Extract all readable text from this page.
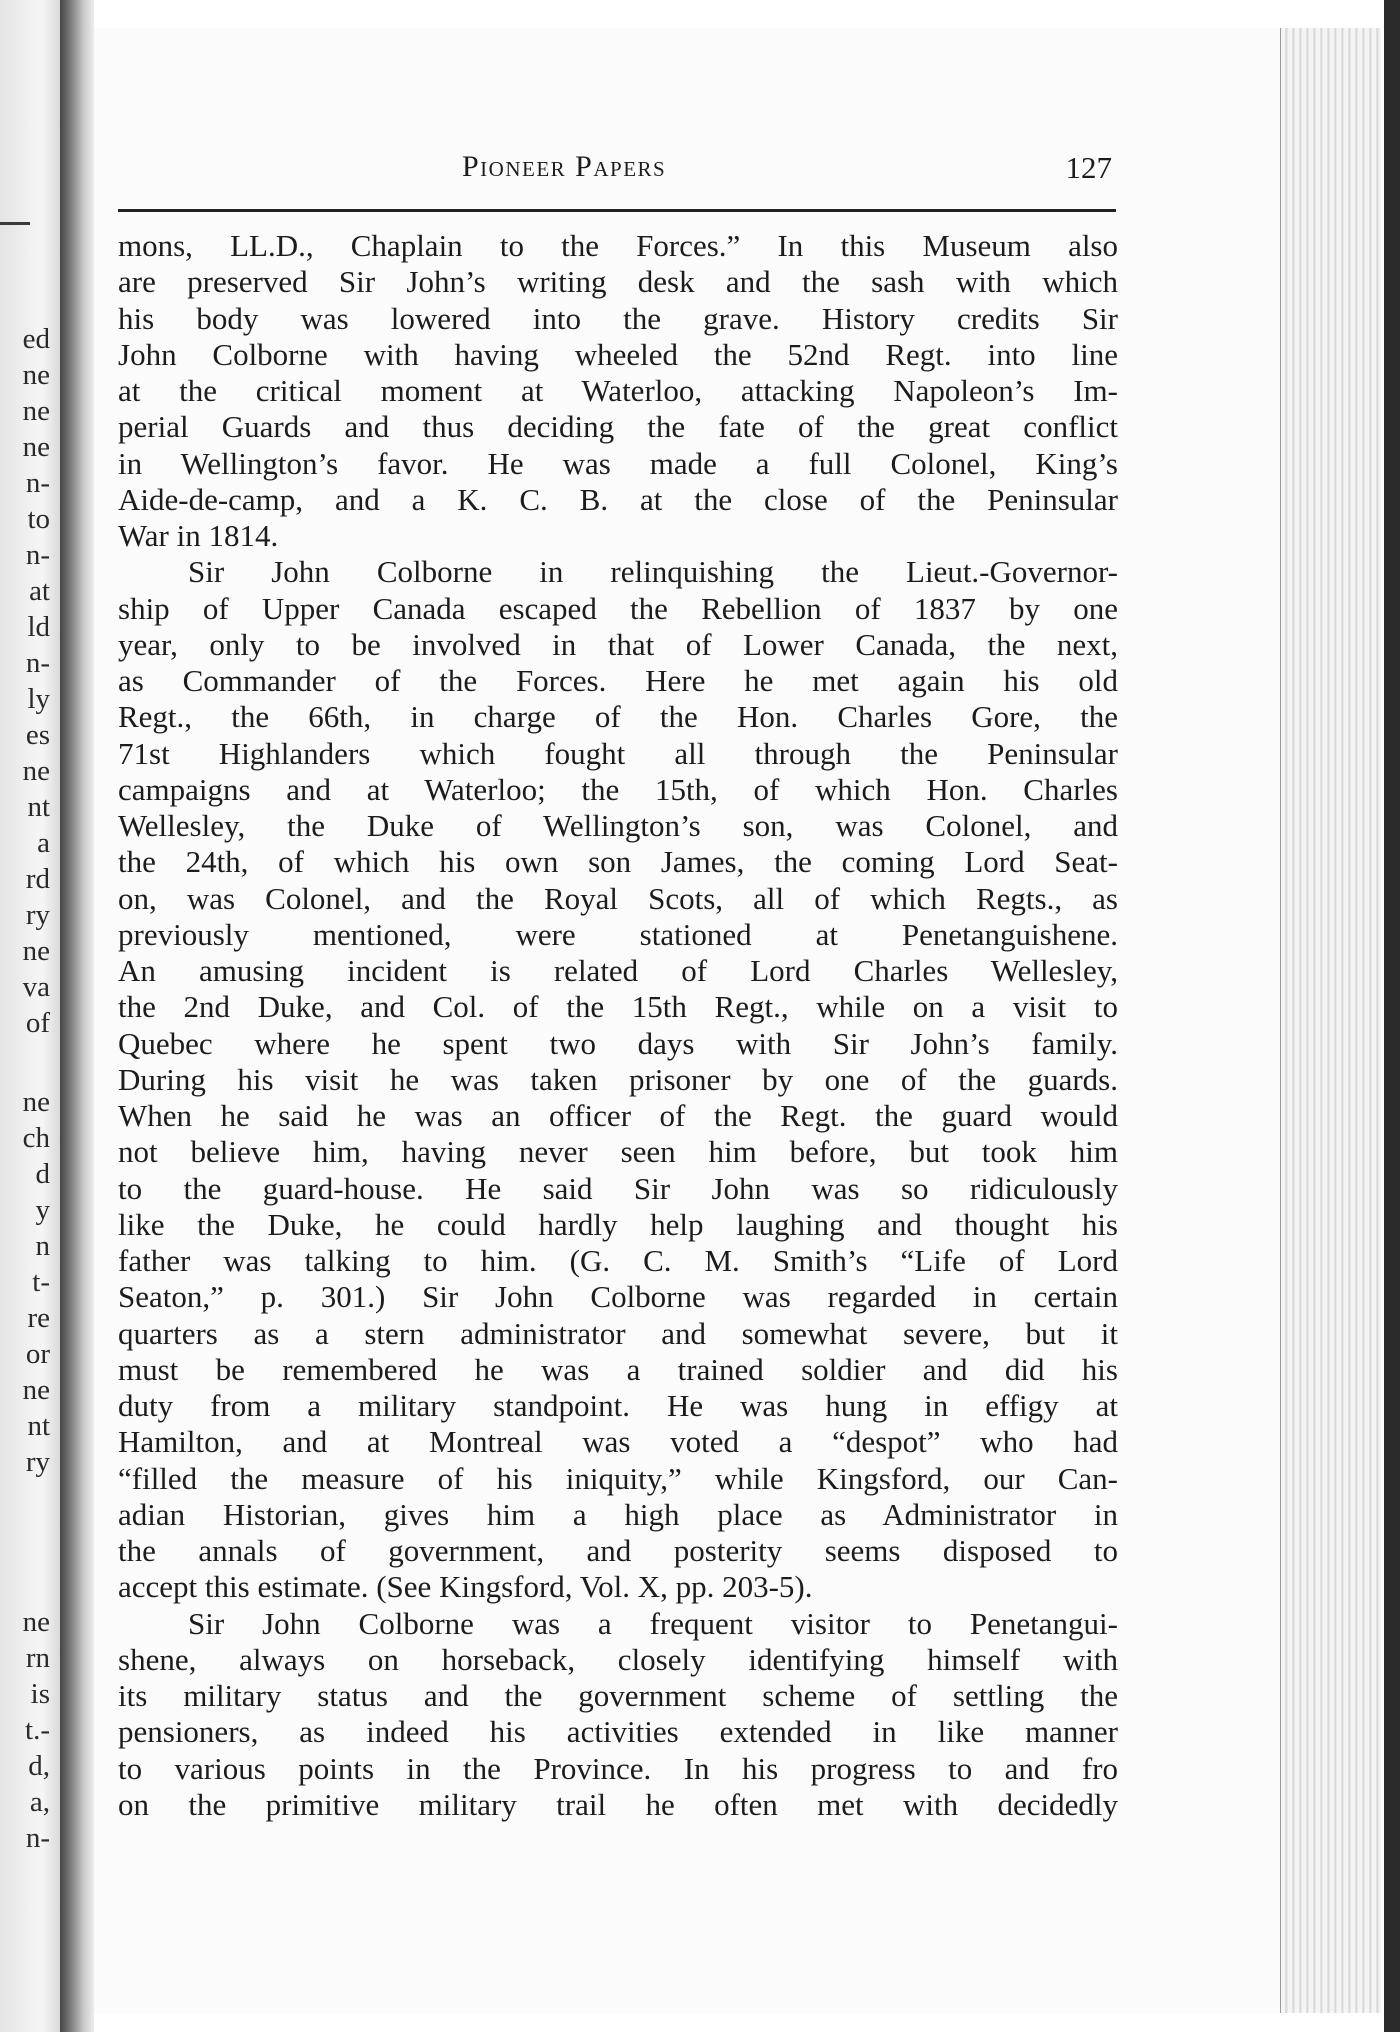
ed
ne
ne
ne
n-
to
n-
at
ld
n-
ly
es
ne
nt
a
rd
ry
ne
va
of
ne
ch
d
y
n
t-
re
or
ne
nt
ry
ne
rn
is
t.-
d,
a,
n-
Pioneer Papers	127
mons, LL.D., Chaplain to the Forces.” In this Museum also
are preserved Sir John’s writing desk and the sash with which
his body was lowered into the grave. History credits Sir
John Colborne with having wheeled the 52nd Regt. into line
at the critical moment at Waterloo, attacking Napoleon’s Im-
perial Guards and thus deciding the fate of the great conflict
in Wellington’s favor. He was made a full Colonel, King’s
Aide-de-camp, and a K. C. B. at the close of the Peninsular
War in 1814.
Sir John Colborne in relinquishing the Lieut.-Governor-
ship of Upper Canada escaped the Rebellion of 1837 by one
year, only to be involved in that of Lower Canada, the next,
as Commander of the Forces. Here he met again his old
Regt., the 66th, in charge of the Hon. Charles Gore, the
71st Highlanders which fought all through the Peninsular
campaigns and at Waterloo; the 15th, of which Hon. Charles
Wellesley, the Duke of Wellington’s son, was Colonel, and
the 24th, of which his own son James, the coming Lord Seat-
on, was Colonel, and the Royal Scots, all of which Regts., as
previously mentioned, were stationed at Penetanguishene.
An amusing incident is related of Lord Charles Wellesley,
the 2nd Duke, and Col. of the 15th Regt., while on a visit to
Quebec where he spent two days with Sir John’s family.
During his visit he was taken prisoner by one of the guards.
When he said he was an officer of the Regt. the guard would
not believe him, having never seen him before, but took him
to the guard-house. He said Sir John was so ridiculously
like the Duke, he could hardly help laughing and thought his
father was talking to him. (G. C. M. Smith’s “Life of Lord
Seaton,” p. 301.) Sir John Colborne was regarded in certain
quarters as a stern administrator and somewhat severe, but it
must be remembered he was a trained soldier and did his
duty from a military standpoint. He was hung in effigy at
Hamilton, and at Montreal was voted a “despot” who had
“filled the measure of his iniquity,” while Kingsford, our Can-
adian Historian, gives him a high place as Administrator in
the annals of government, and posterity seems disposed to
accept this estimate. (See Kingsford, Vol. X, pp. 203-5).
Sir John Colborne was a frequent visitor to Penetangui-
shene, always on horseback, closely identifying himself with
its military status and the government scheme of settling the
pensioners, as indeed his activities extended in like manner
to various points in the Province. In his progress to and fro
on the primitive military trail he often met with decidedly
